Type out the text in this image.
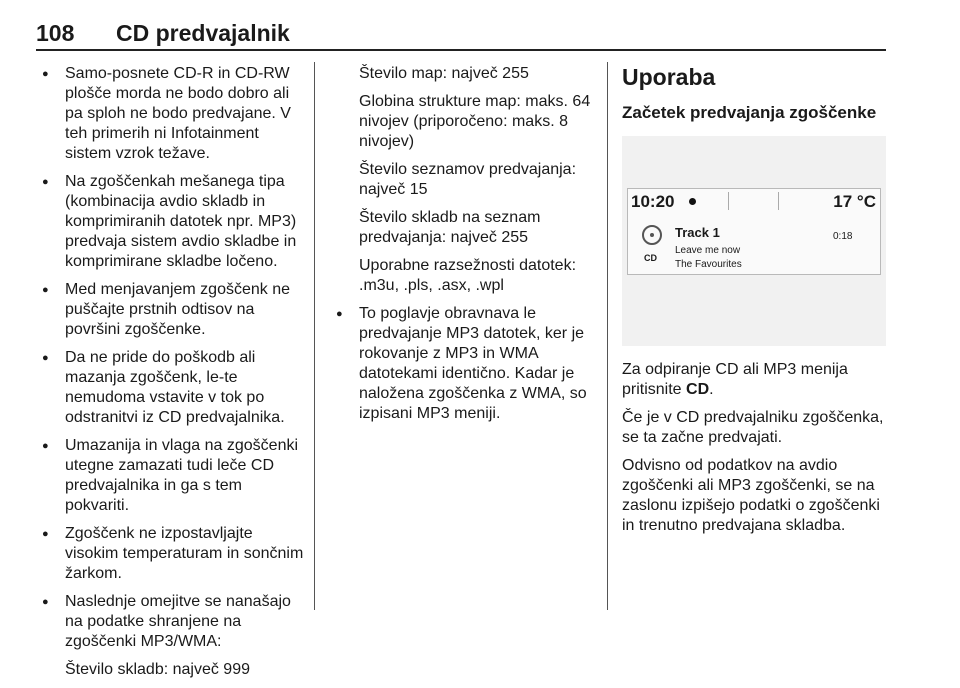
108 CD predvajalnik
● Samo-posnete CD-R in CD-RW plošče morda ne bodo dobro ali pa sploh ne bodo predvajane. V teh primerih ni Infotainment sistem vzrok težave.
● Na zgoščenkah mešanega tipa (kombinacija avdio skladb in komprimiranih datotek npr. MP3) predvaja sistem avdio skladbe in komprimirane skladbe ločeno.
● Med menjavanjem zgoščenk ne puščajte prstnih odtisov na površini zgoščenke.
● Da ne pride do poškodb ali mazanja zgoščenk, le-te nemudoma vstavite v tok po odstranitvi iz CD predvajalnika.
● Umazanija in vlaga na zgoščenki utegne zamazati tudi leče CD predvajalnika in ga s tem pokvariti.
● Zgoščenk ne izpostavljajte visokim temperaturam in sončnim žarkom.
● Naslednje omejitve se nanašajo na podatke shranjene na zgoščenki MP3/WMA:
Število skladb: največ 999
Število map: največ 255
Globina strukture map: maks. 64 nivojev (priporočeno: maks. 8 nivojev)
Število seznamov predvajanja: največ 15
Število skladb na seznam predvajanja: največ 255
Uporabne razsežnosti datotek: .m3u, .pls, .asx, .wpl
● To poglavje obravnava le predvajanje MP3 datotek, ker je rokovanje z MP3 in WMA datotekami identično. Kadar je naložena zgoščenka z WMA, so izpisani MP3 meniji.
Uporaba
Začetek predvajanja zgoščenke
10:20	17 °C
CD
Track 1
Leave me now
The Favourites
0:18
Za odpiranje CD ali MP3 menija pritisnite CD.
Če je v CD predvajalniku zgoščenka, se ta začne predvajati.
Odvisno od podatkov na avdio zgoščenki ali MP3 zgoščenki, se na zaslonu izpišejo podatki o zgoščenki in trenutno predvajana skladba.
